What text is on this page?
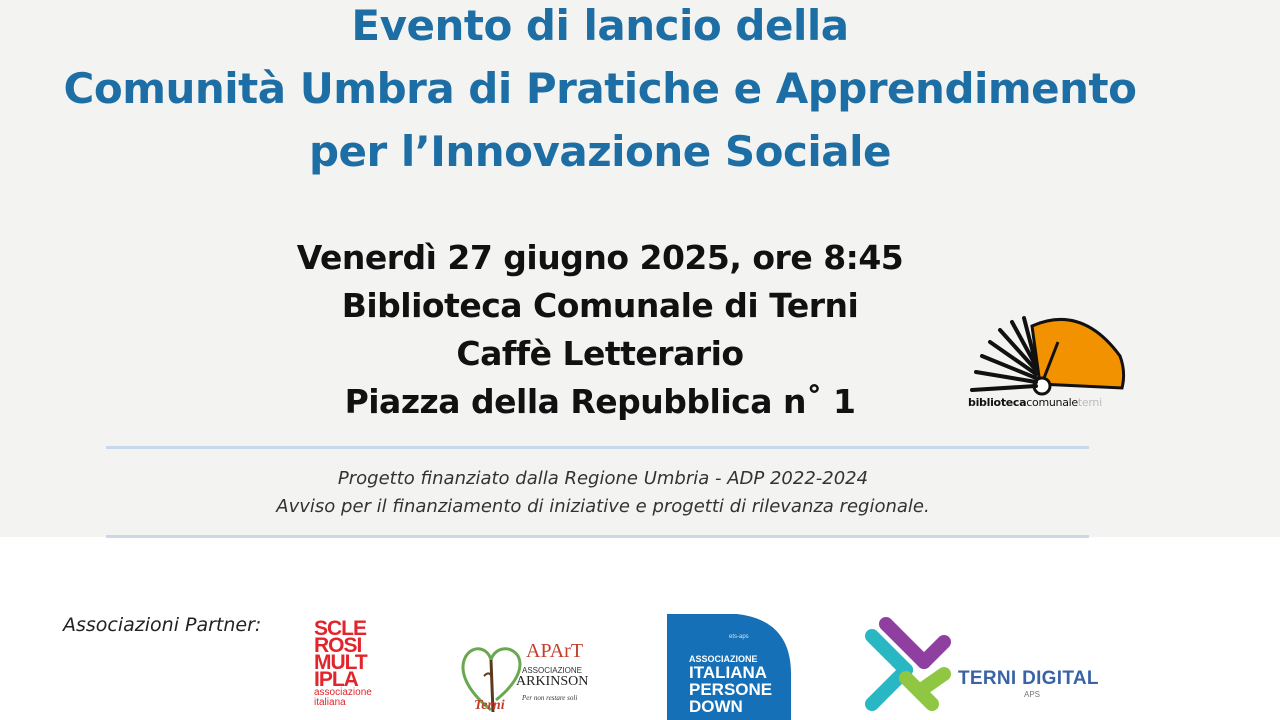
Evento di lancio della
Comunità Umbra di Pratiche e Apprendimento
per l’Innovazione Sociale
Venerdì 27 giugno 2025, ore 8:45
Biblioteca Comunale di Terni
Caffè Letterario
Piazza della Repubblica n˚ 1	bibliotecacomunaleterni
Progetto finanziato dalla Regione Umbria - ADP 2022-2024
Avviso per il finanziamento di iniziative e progetti di rilevanza regionale.
Associazioni Partner:	SCLE
ROSI
MULT
IPLA
associazione
italiana
APArT
ASSOCIAZIONE
ARKINSON
Per non restare soli
Terni
ets-aps
ASSOCIAZIONE
ITALIANA
PERSONE
DOWN
TERNI DIGITAL
APS
